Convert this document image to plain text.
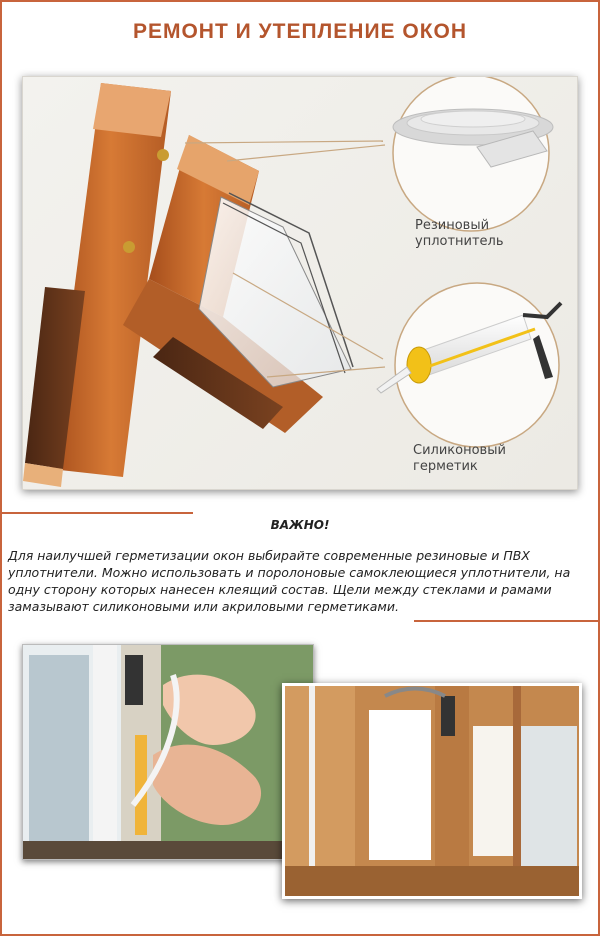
РЕМОНТ И УТЕПЛЕНИЕ ОКОН
Резиновый
уплотнитель
Силиконовый
герметик
ВАЖНО!

Для наилучшей герметизации окон выбирайте современные резиновые и ПВХ уплотнители. Можно использовать и поролоновые самоклеющиеся уплотнители, на одну сторону которых нанесен клеящий состав. Щели между стеклами и рамами замазывают силиконовыми или акриловыми герметиками.
